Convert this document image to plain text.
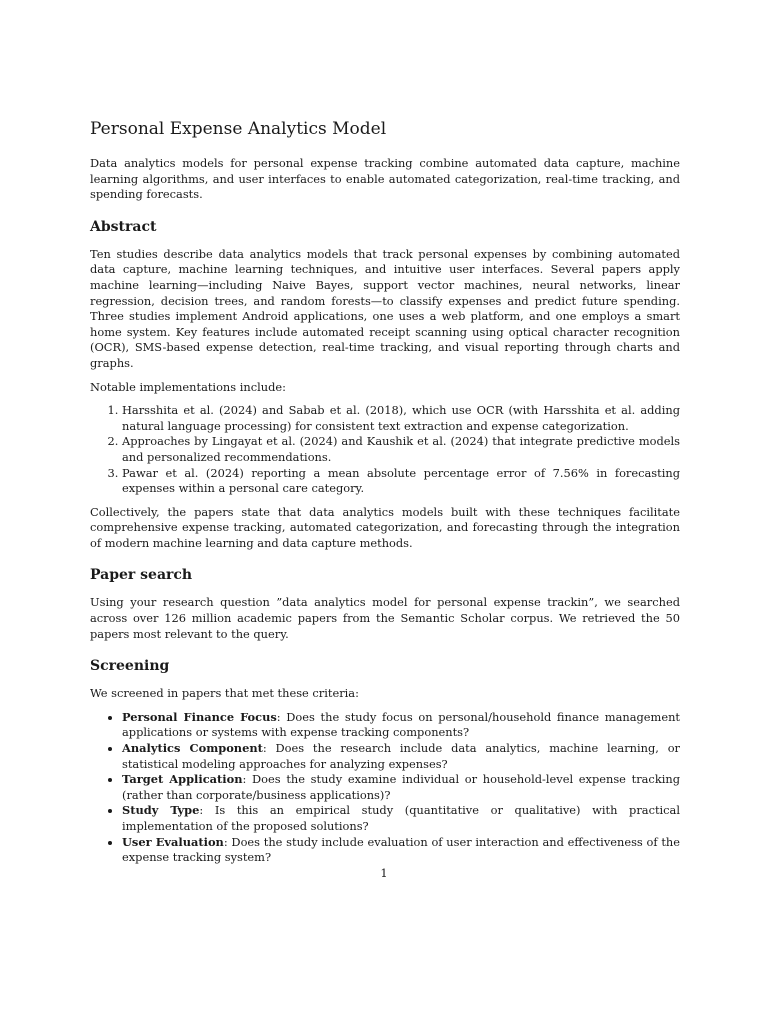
Personal Expense Analytics Model

Data analytics models for personal expense tracking combine automated data capture, machine learning algorithms, and user interfaces to enable automated categorization, real-time tracking, and spending forecasts.

Abstract

Ten studies describe data analytics models that track personal expenses by combining automated data capture, machine learning techniques, and intuitive user interfaces. Several papers apply machine learning—including Naive Bayes, support vector machines, neural networks, linear regression, decision trees, and random forests—to classify expenses and predict future spending. Three studies implement Android applications, one uses a web platform, and one employs a smart home system. Key features include automated receipt scanning using optical character recognition (OCR), SMS-based expense detection, real-time tracking, and visual reporting through charts and graphs.

Notable implementations include:

1. Harsshita et al. (2024) and Sabab et al. (2018), which use OCR (with Harsshita et al. adding natural language processing) for consistent text extraction and expense categorization.
2. Approaches by Lingayat et al. (2024) and Kaushik et al. (2024) that integrate predictive models and personalized recommendations.
3. Pawar et al. (2024) reporting a mean absolute percentage error of 7.56% in forecasting expenses within a personal care category.

Collectively, the papers state that data analytics models built with these techniques facilitate comprehensive expense tracking, automated categorization, and forecasting through the integration of modern machine learning and data capture methods.

Paper search

Using your research question ”data analytics model for personal expense trackin”, we searched across over 126 million academic papers from the Semantic Scholar corpus. We retrieved the 50 papers most relevant to the query.

Screening

We screened in papers that met these criteria:

• Personal Finance Focus: Does the study focus on personal/household finance management applications or systems with expense tracking components?
• Analytics Component: Does the research include data analytics, machine learning, or statistical modeling approaches for analyzing expenses?
• Target Application: Does the study examine individual or household-level expense tracking (rather than corporate/business applications)?
• Study Type: Is this an empirical study (quantitative or qualitative) with practical implementation of the proposed solutions?
• User Evaluation: Does the study include evaluation of user interaction and effectiveness of the expense tracking system?
1
